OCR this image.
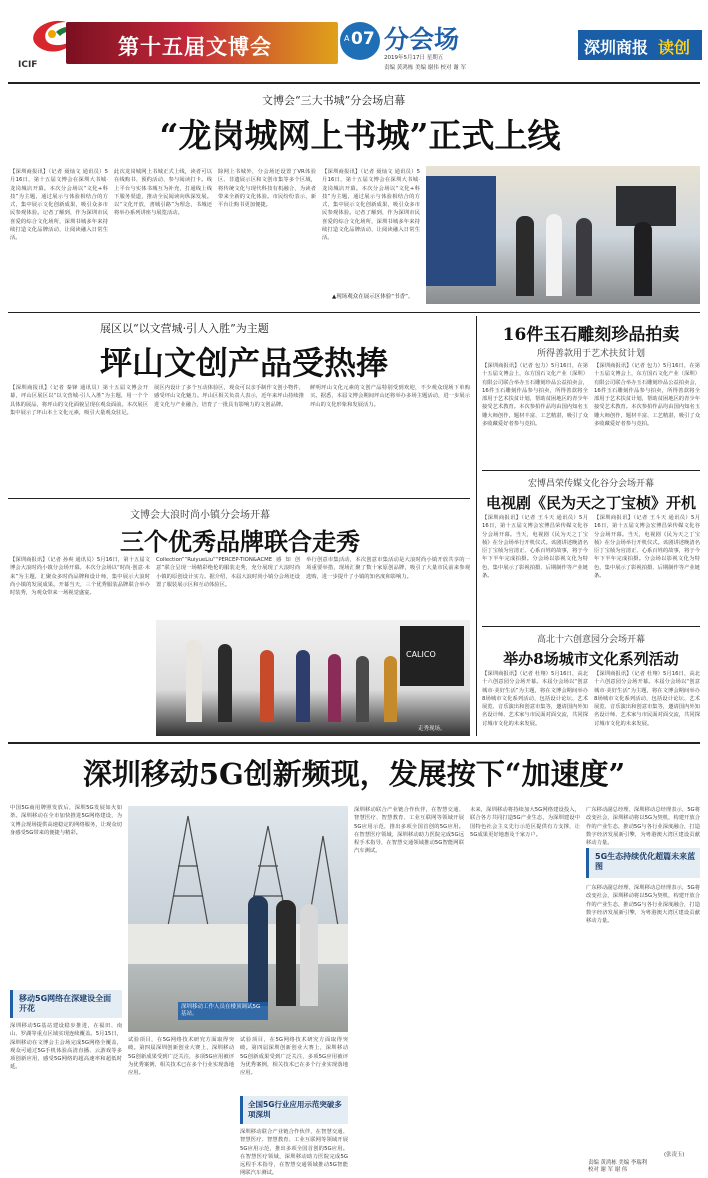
ICIF
第十五届文博会	A 07 分会场
2019年5月17日 星期五
责编 黄鸿栋 美编 谢伟 校对 谢 军
深圳商报 读创
文博会“三大书城”分会场启幕
“龙岗城网上书城”正式上线
【深圳商报讯】（记者 聂灿文 通讯员）5月16日，第十五届文博会在深圳大书城·龙岗城店开幕。本次分会场以“文化+科技”为主题，通过展示与体验相结合的方式，集中展示文化创新成果，吸引众多市民参观体验。记者了解到，作为深圳市民喜爱的综合文化场所，深圳书城多年来持续打造文化品牌活动，让阅读融入日常生活。
此次龙岗城网上书城正式上线，读者可以在线购书、预约活动、参与阅读打卡。线上平台与实体书城互为补充，打通线上线下服务渠道，推动全民阅读向纵深发展。以“文化开放，書城引路”为理念，书城还将举办系列讲座与展览活动。
除网上书城外，分会场还设置了VR体验区、非遗展示区和文创市集等多个区域，将传统文化与现代科技有机融合，为读者带来全新的文化体验。市民纷纷表示，新平台让购书更加便捷。
【深圳商报讯】（记者 聂灿文 通讯员）5月16日，第十五届文博会在深圳大书城·龙岗城店开幕。本次分会场以“文化+科技”为主题，通过展示与体验相结合的方式，集中展示文化创新成果，吸引众多市民参观体验。记者了解到，作为深圳市民喜爱的综合文化场所，深圳书城多年来持续打造文化品牌活动，让阅读融入日常生活。
▲现场观众在展示区体验“书香”。
展区以“以文营城·引人入胜”为主题
坪山文创产品受热捧
【深圳商报讯】（记者 秦锋 通讯员）第十五届文博会开幕，坪山区展区以“以文营城·引人入胜”为主题，用一个个具体的展品，将坪山的文化面貌呈现在观众面前。本次展区集中展示了坪山本土文化元素，吸引大量观众驻足。
展区内设计了多个互动体验区，观众可以亲手制作文创小物件，感受坪山文化魅力。坪山区相关负责人表示，近年来坪山持续推进文化与产业融合，培育了一批具有影响力的文创品牌。
鲜明坪山文化元素的文创产品特别受到欢迎，不少观众现场下单购买。据悉，本届文博会期间坪山还将举办多场主题活动，进一步展示坪山的文化形象和发展活力。
16件玉石雕刻珍品拍卖
所得善款用于艺术扶贫计划
【深圳商报讯】（记者 包力）5月16日，在第十五届文博会上，东方国石文化产业（深圳）有限公司联合举办玉石雕刻珍品公益拍卖会，16件玉石雕刻作品参与拍卖，所得善款将全部用于艺术扶贫计划，帮助贫困地区的青少年接受艺术教育。本次参拍作品均由国内知名玉雕大师创作，题材丰富、工艺精湛，吸引了众多收藏爱好者参与竞拍。
【深圳商报讯】（记者 包力）5月16日，在第十五届文博会上，东方国石文化产业（深圳）有限公司联合举办玉石雕刻珍品公益拍卖会，16件玉石雕刻作品参与拍卖，所得善款将全部用于艺术扶贫计划，帮助贫困地区的青少年接受艺术教育。本次参拍作品均由国内知名玉雕大师创作，题材丰富、工艺精湛，吸引了众多收藏爱好者参与竞拍。
宏博昌荣传媒文化谷分会场开幕
电视剧《民为天之丁宝桢》开机
【深圳商报讯】（记者 王斗天 通讯员）5月16日，第十五届文博会宏博昌荣传媒文化谷分会场开幕。当天，电视剧《民为天之丁宝桢》在分会场举行开机仪式。该剧讲述晚清名臣丁宝桢为官清正、心系百姓的故事，将于今年下半年完成拍摄。分会场以影视文化为特色，集中展示了影视拍摄、后期制作等产业链条。
【深圳商报讯】（记者 王斗天 通讯员）5月16日，第十五届文博会宏博昌荣传媒文化谷分会场开幕。当天，电视剧《民为天之丁宝桢》在分会场举行开机仪式。该剧讲述晚清名臣丁宝桢为官清正、心系百姓的故事，将于今年下半年完成拍摄。分会场以影视文化为特色，集中展示了影视拍摄、后期制作等产业链条。
高北十六创意园分会场开幕
举办8场城市文化系列活动
【深圳商报讯】（记者 杜翔）5月16日，高北十六创意园分会场开幕。本届分会场以“创意城市·美好生活”为主题，将在文博会期间举办8场城市文化系列活动，包括设计论坛、艺术展览、音乐演出和创意市集等，邀请国内外知名设计师、艺术家与市民面对面交流，共同探讨城市文化的未来发展。
【深圳商报讯】（记者 杜翔）5月16日，高北十六创意园分会场开幕。本届分会场以“创意城市·美好生活”为主题，将在文博会期间举办8场城市文化系列活动，包括设计论坛、艺术展览、音乐演出和创意市集等，邀请国内外知名设计师、艺术家与市民面对面交流，共同探讨城市文化的未来发展。
文博会大浪时尚小镇分会场开幕
三个优秀品牌联合走秀
【深圳商报讯】（记者 孙爽 通讯员）5月16日，第十五届文博会大浪时尚小镇分会场开幕。本次分会场以“时尚·创意·未来”为主题，汇聚众多时尚品牌和设计师，集中展示大浪时尚小镇的发展成果。开幕当天，三个优秀服装品牌联合举办时装秀，为观众带来一场视觉盛宴。
Collection”“RuiyueLiu”“PERCEP-TION&ACME感知创意”联合呈现一场精彩绝伦的服装走秀，充分展现了大浪时尚小镇的原创设计实力。据介绍，本届大浪时尚小镇分会场还设置了服装展示区和互动体验区。
举行创意市集活动，本次创意市集活动是大浪时尚小镇开放共享的一项重要举措，现场汇聚了数十家原创品牌，吸引了大量市民前来参观选购，进一步提升了小镇的知名度和影响力。
CALICO
走秀现场。
深圳移动5G创新频现，发展按下“加速度”
中国5G商用牌照发放后，深圳5G发展如火如荼。深圳移动在全市加快推进5G网络建设，为文博会现场提供高速稳定的网络服务，让观众切身感受5G带来的便捷与精彩。
移动5G网络在深建设全面开花
深圳移动5G基站建设稳步推进，在福田、南山、罗湖等重点区域实现连续覆盖。5月15日，深圳移动在文博会主会场完成5G网络全覆盖，观众可通过5G手机体验高清直播、云游戏等多项创新应用，感受5G网络的超高速率和超低时延。
深圳移动工作人员在楼顶调试5G基站。
试验项目，在5G网络技术研究方面取得突破。第四届深圳创新创业大赛上，深圳移动5G创新成果受到广泛关注，多项5G应用被评为优秀案例，相关技术已在多个行业实现落地应用。
试验项目，在5G网络技术研究方面取得突破。第四届深圳创新创业大赛上，深圳移动5G创新成果受到广泛关注，多项5G应用被评为优秀案例，相关技术已在多个行业实现落地应用。
全国5G行业应用示范突破多项深圳
深圳移动联合产业链合作伙伴，在智慧交通、智慧医疗、智慧教育、工业互联网等领域开展5G应用示范，推出多项全国首创的5G应用。在智慧医疗领域，深圳移动助力医院完成5G远程手术指导，在智慧交通领域推动5G智能网联汽车测试。
深圳移动联合产业链合作伙伴，在智慧交通、智慧医疗、智慧教育、工业互联网等领域开展5G应用示范，推出多项全国首创的5G应用。在智慧医疗领域，深圳移动助力医院完成5G远程手术指导，在智慧交通领域推动5G智能网联汽车测试。
未来，深圳移动将持续加大5G网络建设投入，联合各方共同打造5G产业生态，为深圳建设中国特色社会主义先行示范区提供有力支撑，让5G成果更好地惠及千家万户。
5G生态持续优化超篇未来蓝图
广东移动副总经理、深圳移动总经理表示，5G将改变社会，深圳移动将以5G为契机，构建开放合作的产业生态，推动5G与各行业深度融合，打造数字经济发展新引擎，为粤港澳大湾区建设贡献移动力量。
广东移动副总经理、深圳移动总经理表示，5G将改变社会，深圳移动将以5G为契机，构建开放合作的产业生态，推动5G与各行业深度融合，打造数字经济发展新引擎，为粤港澳大湾区建设贡献移动力量。
(张凌玉)
责编 黄鸿栋 美编 李瑞利
校对 谢 军 谢 伟
